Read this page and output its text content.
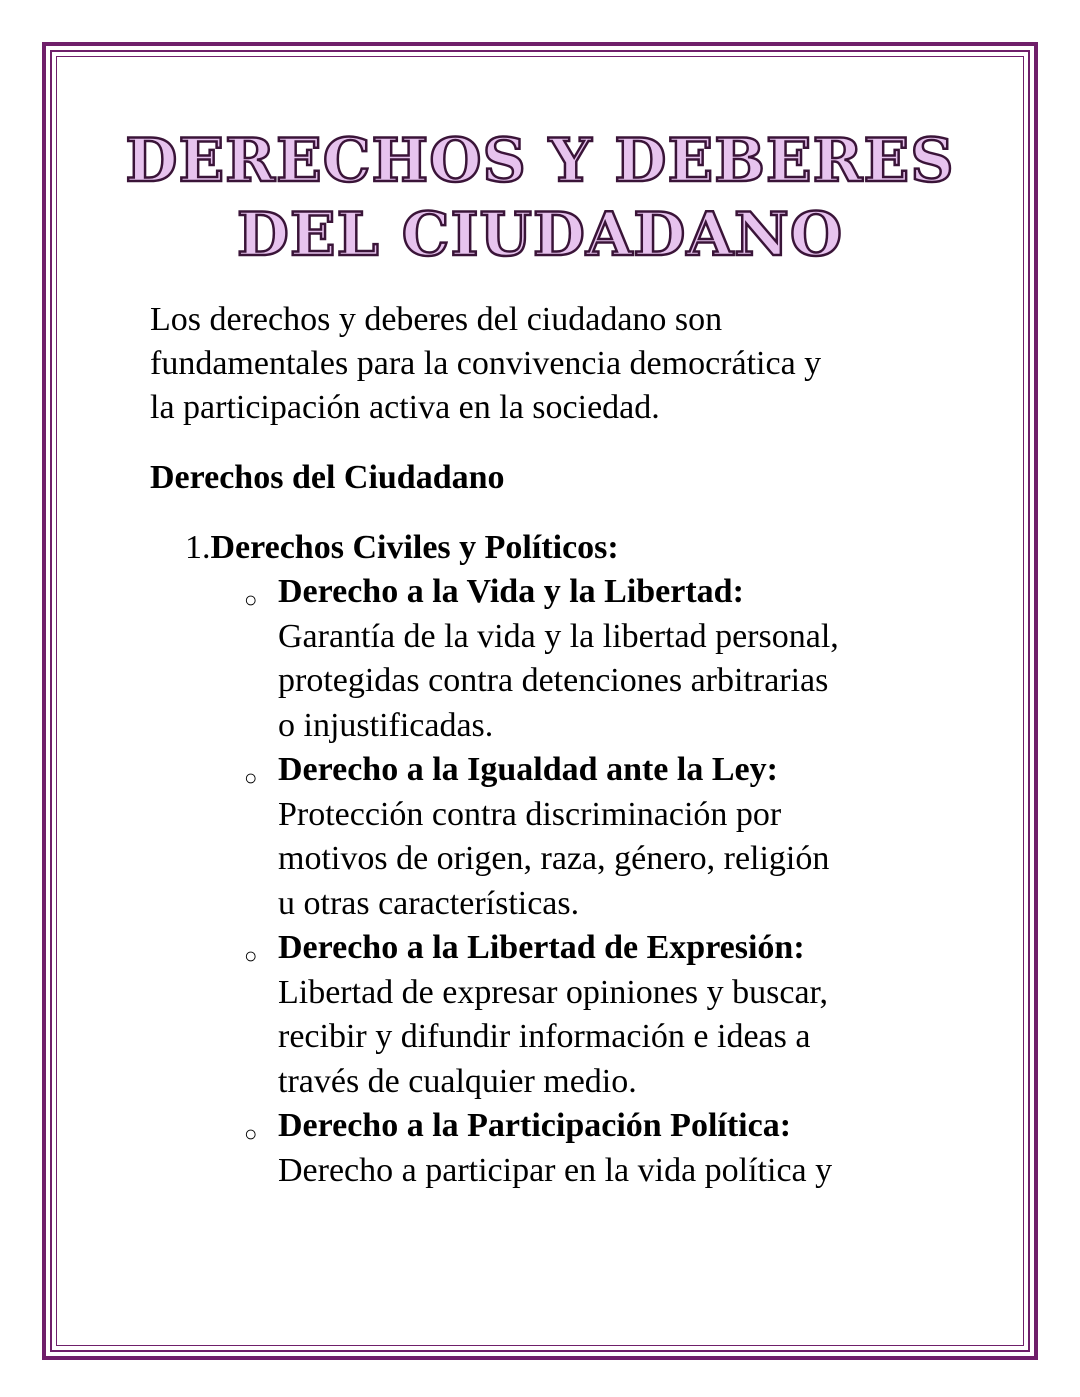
DERECHOS Y DEBERES
DEL CIUDADANO

Los derechos y deberes del ciudadano son
fundamentales para la convivencia democrática y
la participación activa en la sociedad.

Derechos del Ciudadano
1.Derechos Civiles y Políticos:
○ Derecho a la Vida y la Libertad:
Garantía de la vida y la libertad personal,
protegidas contra detenciones arbitrarias
o injustificadas.
○ Derecho a la Igualdad ante la Ley:
Protección contra discriminación por
motivos de origen, raza, género, religión
u otras características.
○ Derecho a la Libertad de Expresión:
Libertad de expresar opiniones y buscar,
recibir y difundir información e ideas a
través de cualquier medio.
○ Derecho a la Participación Política:
Derecho a participar en la vida política y
